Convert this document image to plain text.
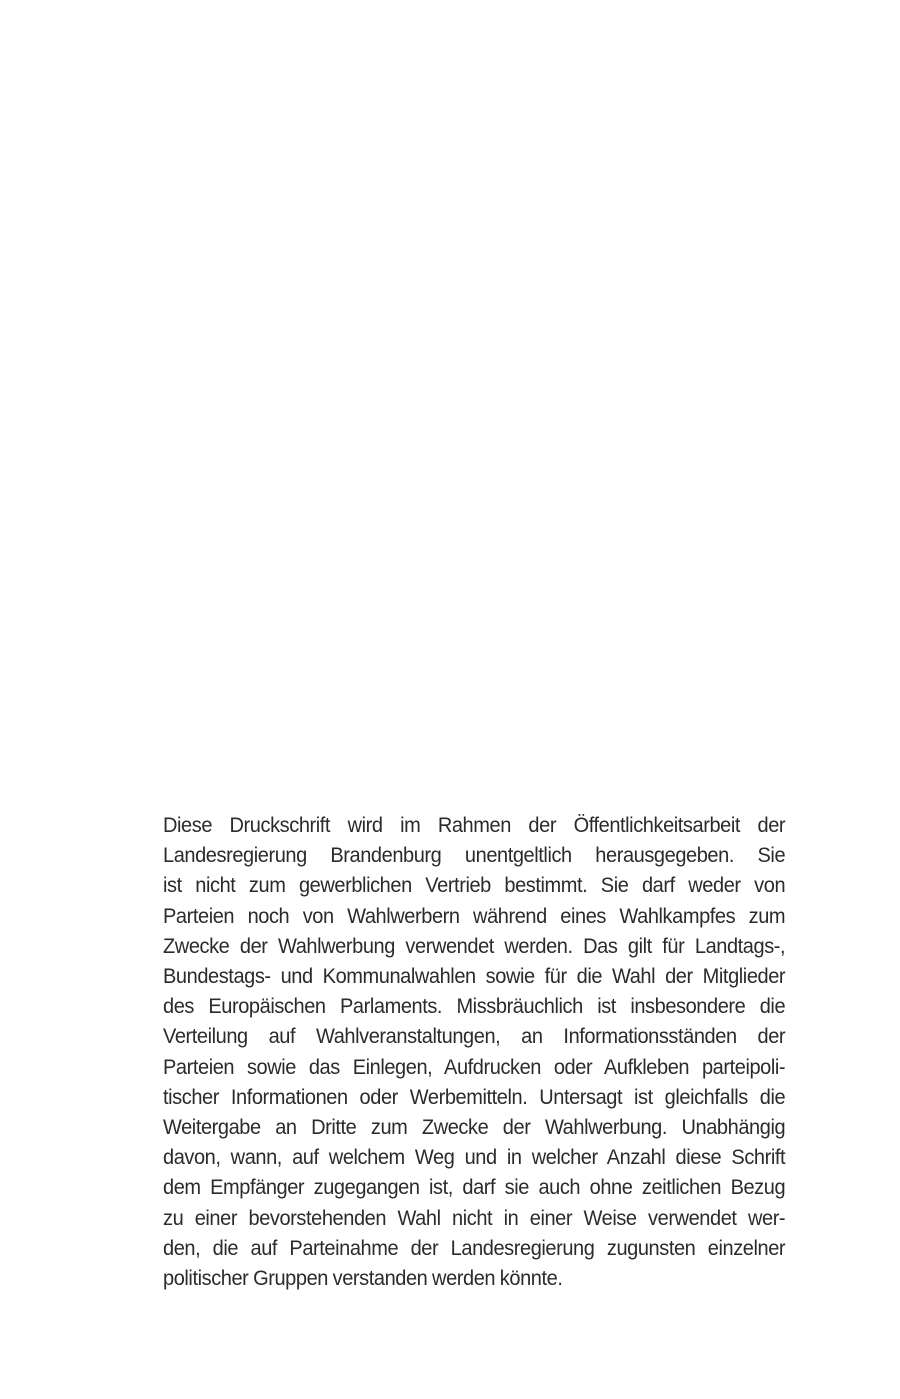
Diese Druckschrift wird im Rahmen der Öffentlichkeitsarbeit der
Landesregierung Brandenburg unentgeltlich herausgegeben. Sie
ist nicht zum gewerblichen Vertrieb bestimmt. Sie darf weder von
Parteien noch von Wahlwerbern während eines Wahlkampfes zum
Zwecke der Wahlwerbung verwendet werden. Das gilt für Landtags-,
Bundestags- und Kommunalwahlen sowie für die Wahl der Mitglieder
des Europäischen Parlaments. Missbräuchlich ist insbesondere die
Verteilung auf Wahlveranstaltungen, an Informationsständen der
Parteien sowie das Einlegen, Aufdrucken oder Aufkleben parteipoli-
tischer Informationen oder Werbemitteln. Untersagt ist gleichfalls die
Weitergabe an Dritte zum Zwecke der Wahlwerbung. Unabhängig
davon, wann, auf welchem Weg und in welcher Anzahl diese Schrift
dem Empfänger zugegangen ist, darf sie auch ohne zeitlichen Bezug
zu einer bevorstehenden Wahl nicht in einer Weise verwendet wer-
den, die auf Parteinahme der Landesregierung zugunsten einzelner
politischer Gruppen verstanden werden könnte.
